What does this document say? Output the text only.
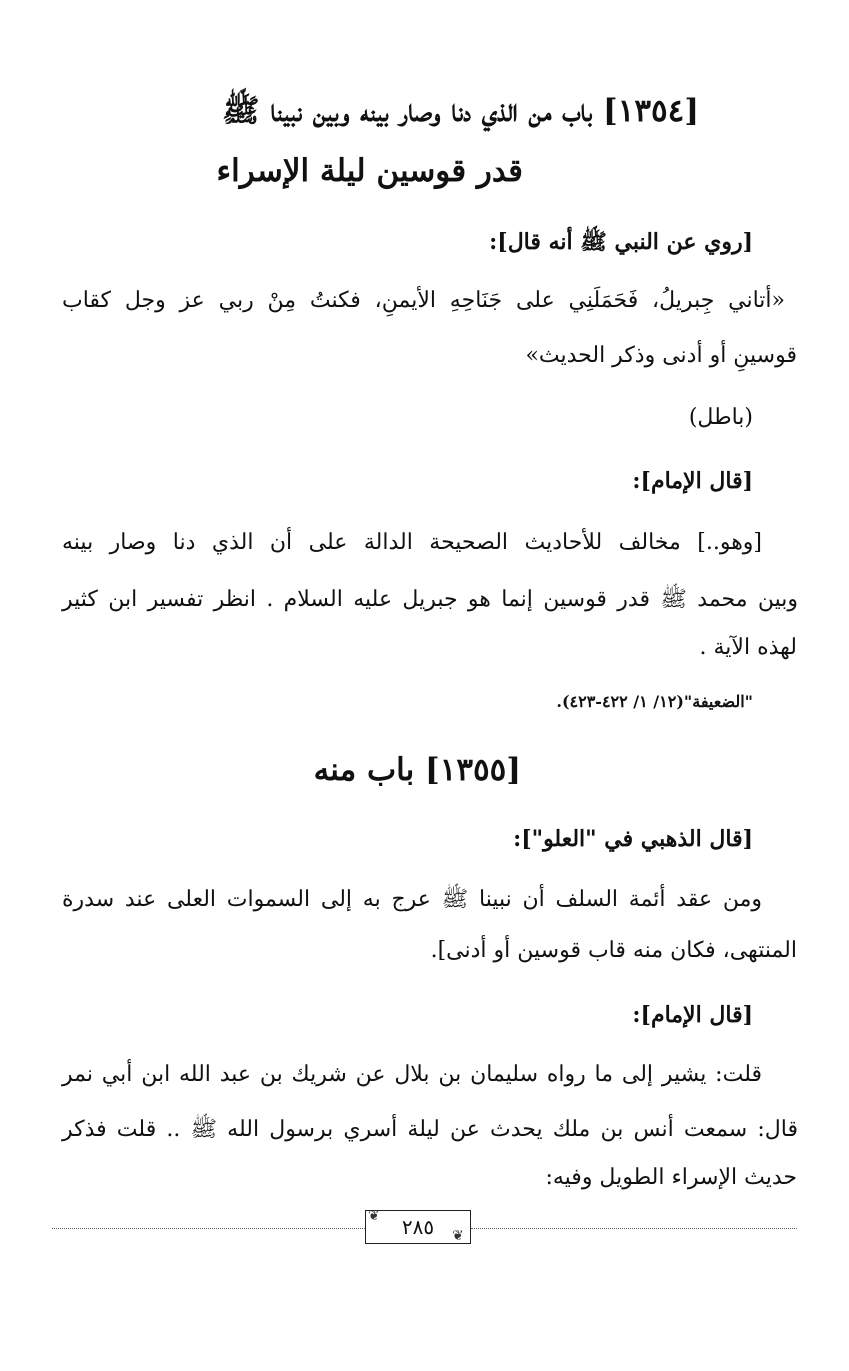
[١٣٥٤] باب من الذي دنا وصار بينه وبين نبينا ﷺ
قدر قوسين ليلة الإسراء
[روي عن النبي ﷺ أنه قال]:
«أتاني جِبريلُ، فَحَمَلَنِي على جَنَاحِهِ الأيمنِ، فكنتُ مِنْ ربي عز وجل كقاب
قوسينِ أو أدنى وذكر الحديث»
(باطل)
[قال الإمام]:
[وهو..] مخالف للأحاديث الصحيحة الدالة على أن الذي دنا وصار بينه
وبين محمد ﷺ قدر قوسين إنما هو جبريل عليه السلام . انظر تفسير ابن كثير
لهذه الآية .
"الضعيفة"(١٢/ ١/ ٤٢٢-٤٢٣).
[١٣٥٥] باب منه
[قال الذهبي في "العلو"]:
ومن عقد أئمة السلف أن نبينا ﷺ عرج به إلى السموات العلى عند سدرة
المنتهى، فكان منه قاب قوسين أو أدنى].
[قال الإمام]:
قلت: يشير إلى ما رواه سليمان بن بلال عن شريك بن عبد الله ابن أبي نمر
قال: سمعت أنس بن ملك يحدث عن ليلة أسري برسول الله ﷺ .. قلت فذكر
حديث الإسراء الطويل وفيه:
٢٨٥
❦
❦
